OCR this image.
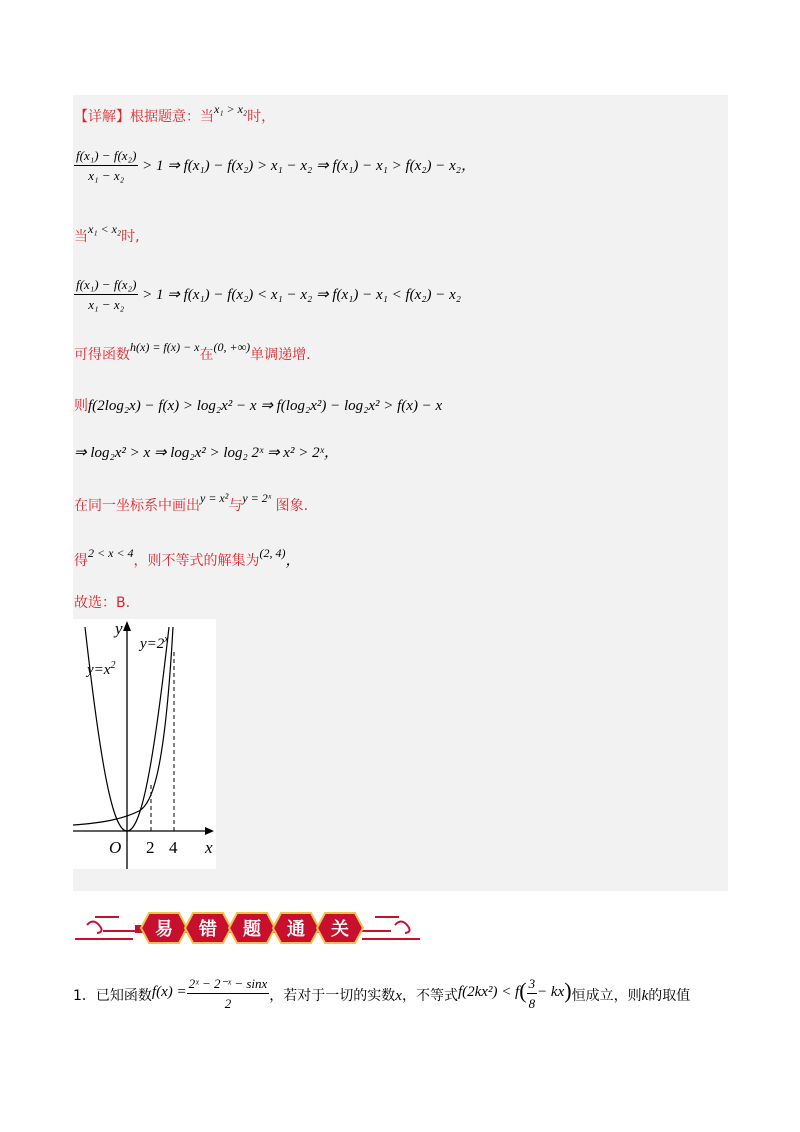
【详解】根据题意：当x₁ > x₂时，
$\frac{\text{f(x₁) − f(x₂)}}{\text{x₁ − x₂}} > 1$ ⇒ f(x₁) − f(x₂) > x₁ − x₂ ⇒ f(x₁) − x₁ > f(x₂) − x₂，
当x₁ < x₂时,
$\frac{\text{f(x₁) − f(x₂)}}{\text{x₁ − x₂}} > 1$ ⇒ f(x₁) − f(x₂) < x₁ − x₂ ⇒ f(x₁) − x₁ < f(x₂) − x₂
可得函数h(x) = f(x) − x在(0, +∞)单调递增.
则f(2log₂x) − f(x) > log₂x² − x ⇒ f(log₂x²) − log₂x² > f(x) − x
⇒ log₂x² > x ⇒ log₂x² > log₂ 2ˣ ⇒ x² > 2ˣ，
在同一坐标系中画出y = x²与y = 2ˣ 图象.
得2 < x < 4，则不等式的解集为(2, 4)，
故选：B.
y
x
O 2 4
$y=x^2$
$y=2^x$
易 错 题 通 关
1．已知函数$f(x) = \frac{\text{2ˣ − 2⁻ˣ − sinx}}{2}$ ，若对于一切的实数x，不等式$f(2kx^2) < f( \frac{3}{8} - kx)$恒成立，则k的取值
